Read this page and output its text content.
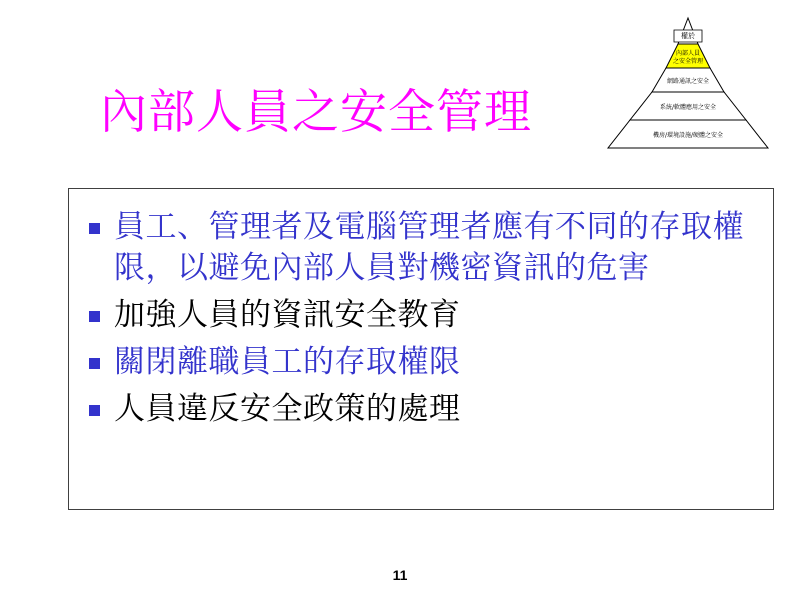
權於
內部人員
之安全管理
網路通訊之安全
系統/軟體應用之安全
機房/環境設施/硬體之安全
內部人員之安全管理
員工、管理者及電腦管理者應有不同的存取權限，以避免內部人員對機密資訊的危害
加強人員的資訊安全教育
關閉離職員工的存取權限
人員違反安全政策的處理
11
